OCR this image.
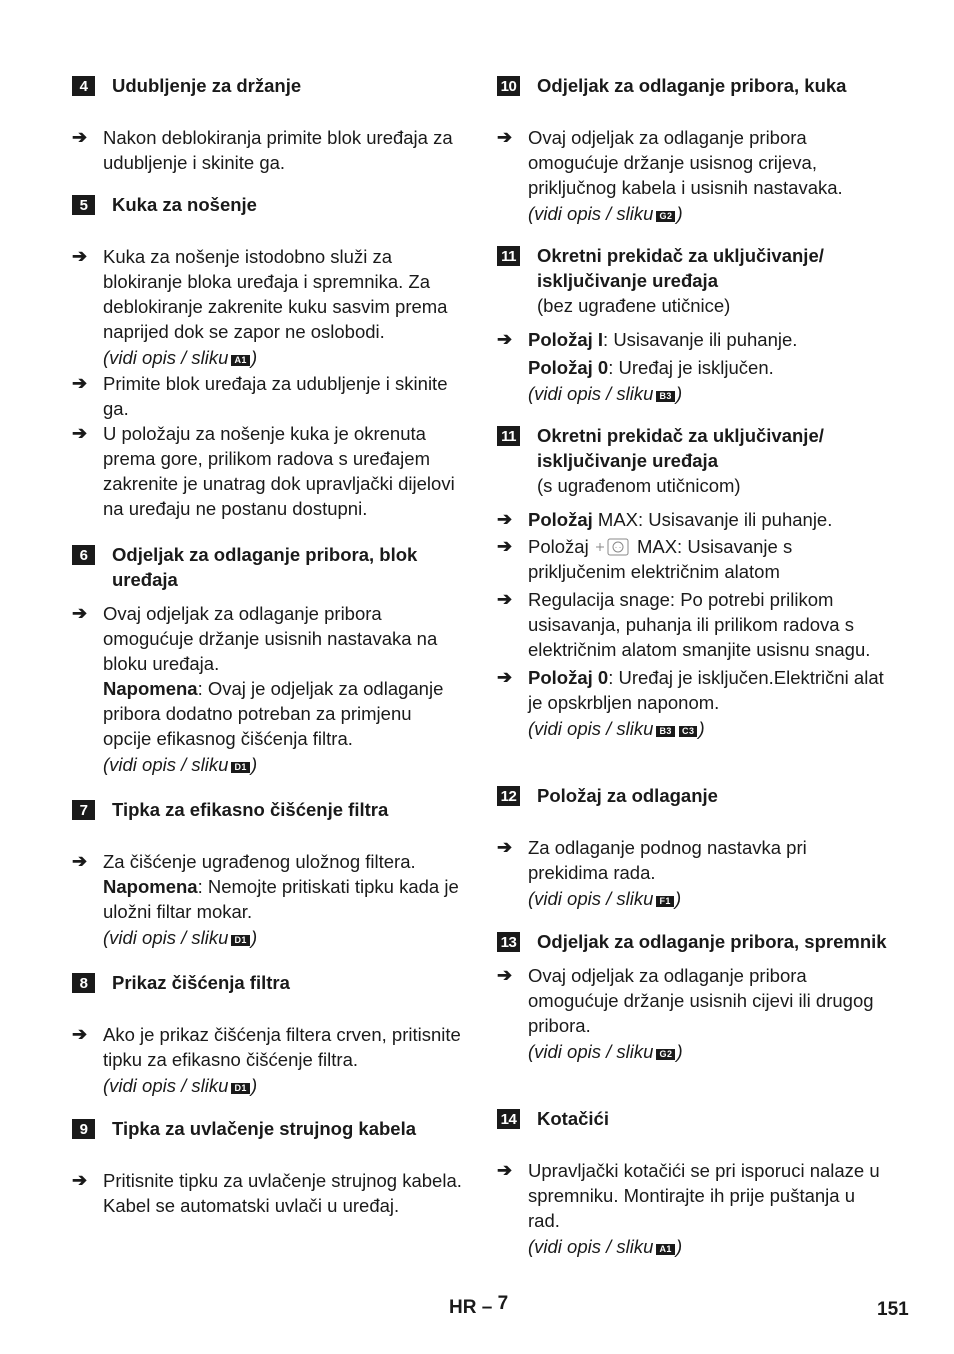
4	Udubljenje za držanje
➔ Nakon deblokiranja primite blok uređaja za udubljenje i skinite ga.
5	Kuka za nošenje
➔ Kuka za nošenje istodobno služi za blokiranje bloka uređaja i spremnika. Za deblokiranje zakrenite kuku sasvim prema naprijed dok se zapor ne oslobodi.
(vidi opis / sliku A1 )
➔ Primite blok uređaja za udubljenje i skinite ga.
➔ U položaju za nošenje kuka je okrenuta prema gore, prilikom radova s uređajem zakrenite je unatrag dok upravljački dijelovi na uređaju ne postanu dostupni.
6	Odjeljak za odlaganje pribora, blok uređaja
➔ Ovaj odjeljak za odlaganje pribora omogućuje držanje usisnih nastavaka na bloku uređaja.
Napomena: Ovaj je odjeljak za odlaganje pribora dodatno potreban za primjenu opcije efikasnog čišćenja filtra.
(vidi opis / sliku D1 )
7	Tipka za efikasno čišćenje filtra
➔ Za čišćenje ugrađenog uložnog filtera.
Napomena: Nemojte pritiskati tipku kada je uložni filtar mokar.
(vidi opis / sliku D1 )
8	Prikaz čišćenja filtra
➔ Ako je prikaz čišćenja filtera crven, pritisnite tipku za efikasno čišćenje filtra.
(vidi opis / sliku D1 )
9	Tipka za uvlačenje strujnog kabela
➔ Pritisnite tipku za uvlačenje strujnog kabela. Kabel se automatski uvlači u uređaj.
10 Odjeljak za odlaganje pribora, kuka
➔ Ovaj odjeljak za odlaganje pribora omogućuje držanje usisnog crijeva, priključnog kabela i usisnih nastavaka.
(vidi opis / sliku G2 )
11 Okretni prekidač za uključivanje/ isključivanje uređaja
(bez ugrađene utičnice)
➔ Položaj I: Usisavanje ili puhanje.
Položaj 0: Uređaj je isključen.
(vidi opis / sliku B3 )
11 Okretni prekidač za uključivanje/ isključivanje uređaja
(s ugrađenom utičnicom)
➔ Položaj MAX: Usisavanje ili puhanje.
➔ Položaj  MAX: Usisavanje s priključenim električnim alatom
➔ Regulacija snage: Po potrebi prilikom usisavanja, puhanja ili prilikom radova s električnim alatom smanjite usisnu snagu.
➔ Položaj 0: Uređaj je isključen.Električni alat je opskrbljen naponom.
(vidi opis / sliku B3 C3 )
12 Položaj za odlaganje
➔ Za odlaganje podnog nastavka pri prekidima rada.
(vidi opis / sliku F1 )
13 Odjeljak za odlaganje pribora, spremnik
➔ Ovaj odjeljak za odlaganje pribora omogućuje držanje usisnih cijevi ili drugog pribora.
(vidi opis / sliku G2 )
14 Kotačići
➔ Upravljački kotačići se pri isporuci nalaze u spremniku. Montirajte ih prije puštanja u rad.
(vidi opis / sliku A1 )
HR – 7	151
